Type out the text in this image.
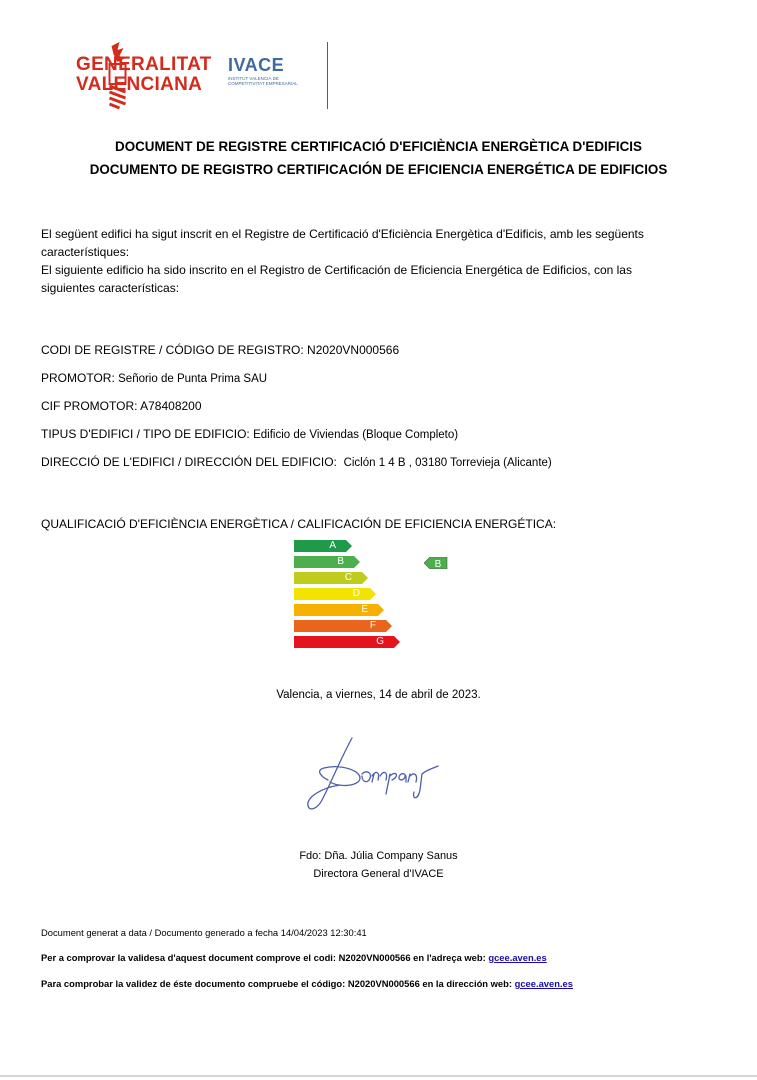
GENERALITAT
VALENCIANA
IVACE
INSTITUT VALENCIÀ DE COMPETITIVITAT EMPRESARIAL
DOCUMENT DE REGISTRE CERTIFICACIÓ D'EFICIÈNCIA ENERGÈTICA D'EDIFICIS
DOCUMENTO DE REGISTRO CERTIFICACIÓN DE EFICIENCIA ENERGÉTICA DE EDIFICIOS
El següent edifici ha sigut inscrit en el Registre de Certificació d'Eficiència Energètica d'Edificis, amb les següents característiques:
El siguiente edificio ha sido inscrito en el Registro de Certificación de Eficiencia Energética de Edificios, con las siguientes características:
CODI DE REGISTRE / CÓDIGO DE REGISTRO: N2020VN000566
PROMOTOR: Señorio de Punta Prima SAU
CIF PROMOTOR: A78408200
TIPUS D'EDIFICI / TIPO DE EDIFICIO: Edificio de Viviendas (Bloque Completo)
DIRECCIÓ DE L'EDIFICI / DIRECCIÓN DEL EDIFICIO: Ciclón 1 4 B , 03180 Torrevieja (Alicante)
QUALIFICACIÓ D'EFICIÈNCIA ENERGÈTICA / CALIFICACIÓN DE EFICIENCIA ENERGÉTICA:
A
B
C
D
E
F
G
B
Valencia, a viernes, 14 de abril de 2023.
Fdo: Dña. Júlia Company Sanus
Directora General d'IVACE
Document generat a data / Documento generado a fecha 14/04/2023 12:30:41
Per a comprovar la validesa d'aquest document comprove el codi: N2020VN000566 en l'adreça web: gcee.aven.es
Para comprobar la validez de éste documento compruebe el código: N2020VN000566 en la dirección web: gcee.aven.es
